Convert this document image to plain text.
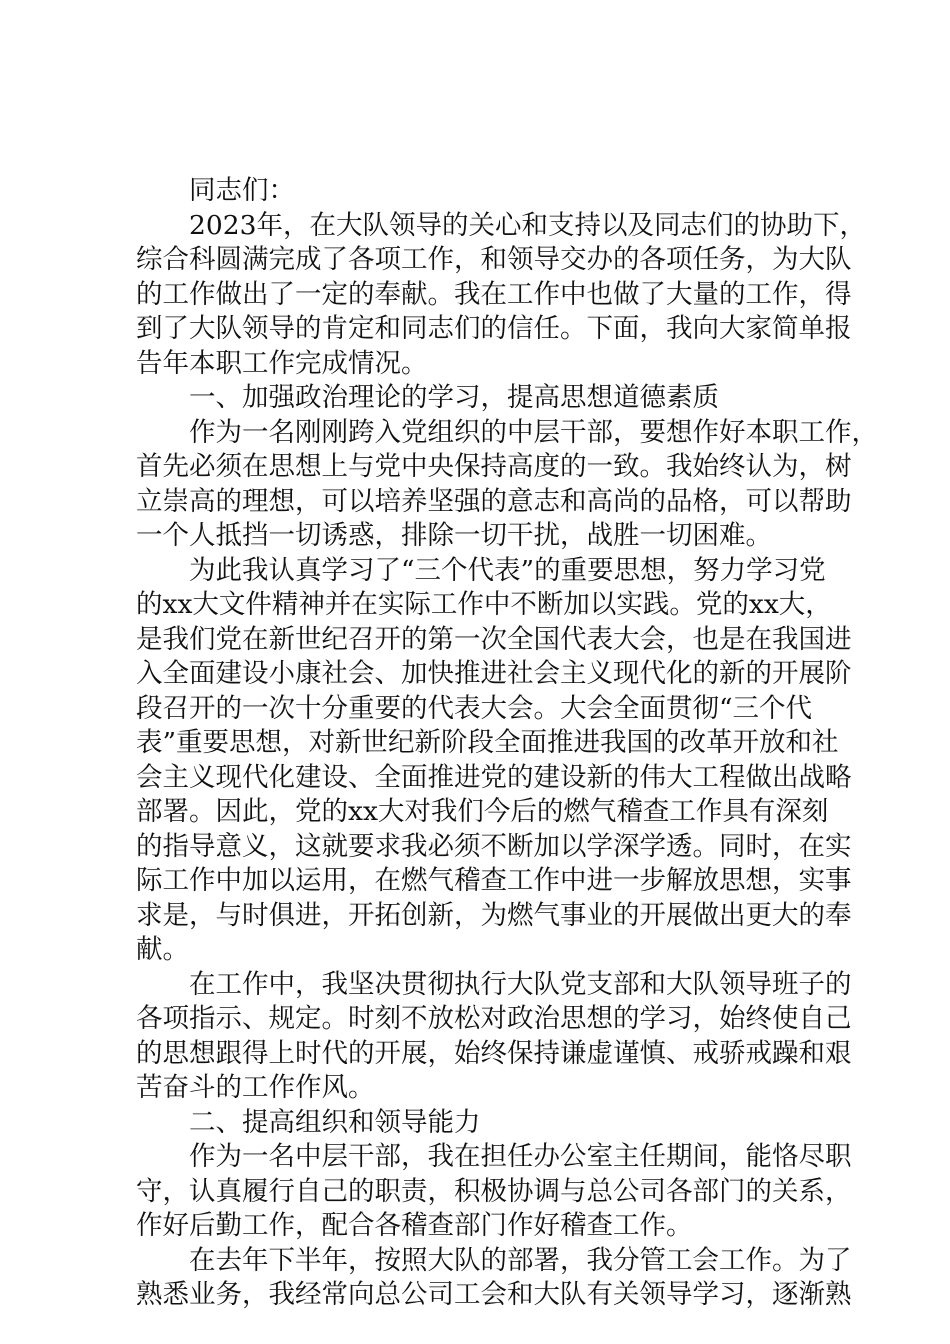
　　同志们：

　　2023年，在大队领导的关心和支持以及同志们的协助下，

综合科圆满完成了各项工作，和领导交办的各项任务，为大队

的工作做出了一定的奉献。我在工作中也做了大量的工作，得

到了大队领导的肯定和同志们的信任。下面，我向大家简单报

告年本职工作完成情况。

　　一、加强政治理论的学习，提高思想道德素质

　　作为一名刚刚跨入党组织的中层干部，要想作好本职工作，

首先必须在思想上与党中央保持高度的一致。我始终认为，树

立崇高的理想，可以培养坚强的意志和高尚的品格，可以帮助

一个人抵挡一切诱惑，排除一切干扰，战胜一切困难。

　　为此我认真学习了“三个代表”的重要思想，努力学习党

的xx大文件精神并在实际工作中不断加以实践。党的xx大，

是我们党在新世纪召开的第一次全国代表大会，也是在我国进

入全面建设小康社会、加快推进社会主义现代化的新的开展阶

段召开的一次十分重要的代表大会。大会全面贯彻“三个代

表”重要思想，对新世纪新阶段全面推进我国的改革开放和社

会主义现代化建设、全面推进党的建设新的伟大工程做出战略

部署。因此，党的xx大对我们今后的燃气稽查工作具有深刻

的指导意义，这就要求我必须不断加以学深学透。同时，在实

际工作中加以运用，在燃气稽查工作中进一步解放思想，实事

求是，与时俱进，开拓创新，为燃气事业的开展做出更大的奉

献。

　　在工作中，我坚决贯彻执行大队党支部和大队领导班子的

各项指示、规定。时刻不放松对政治思想的学习，始终使自己

的思想跟得上时代的开展，始终保持谦虚谨慎、戒骄戒躁和艰

苦奋斗的工作作风。

　　二、提高组织和领导能力

　　作为一名中层干部，我在担任办公室主任期间，能恪尽职

守，认真履行自己的职责，积极协调与总公司各部门的关系，

作好后勤工作，配合各稽查部门作好稽查工作。

　　在去年下半年，按照大队的部署，我分管工会工作。为了

熟悉业务，我经常向总公司工会和大队有关领导学习，逐渐熟
